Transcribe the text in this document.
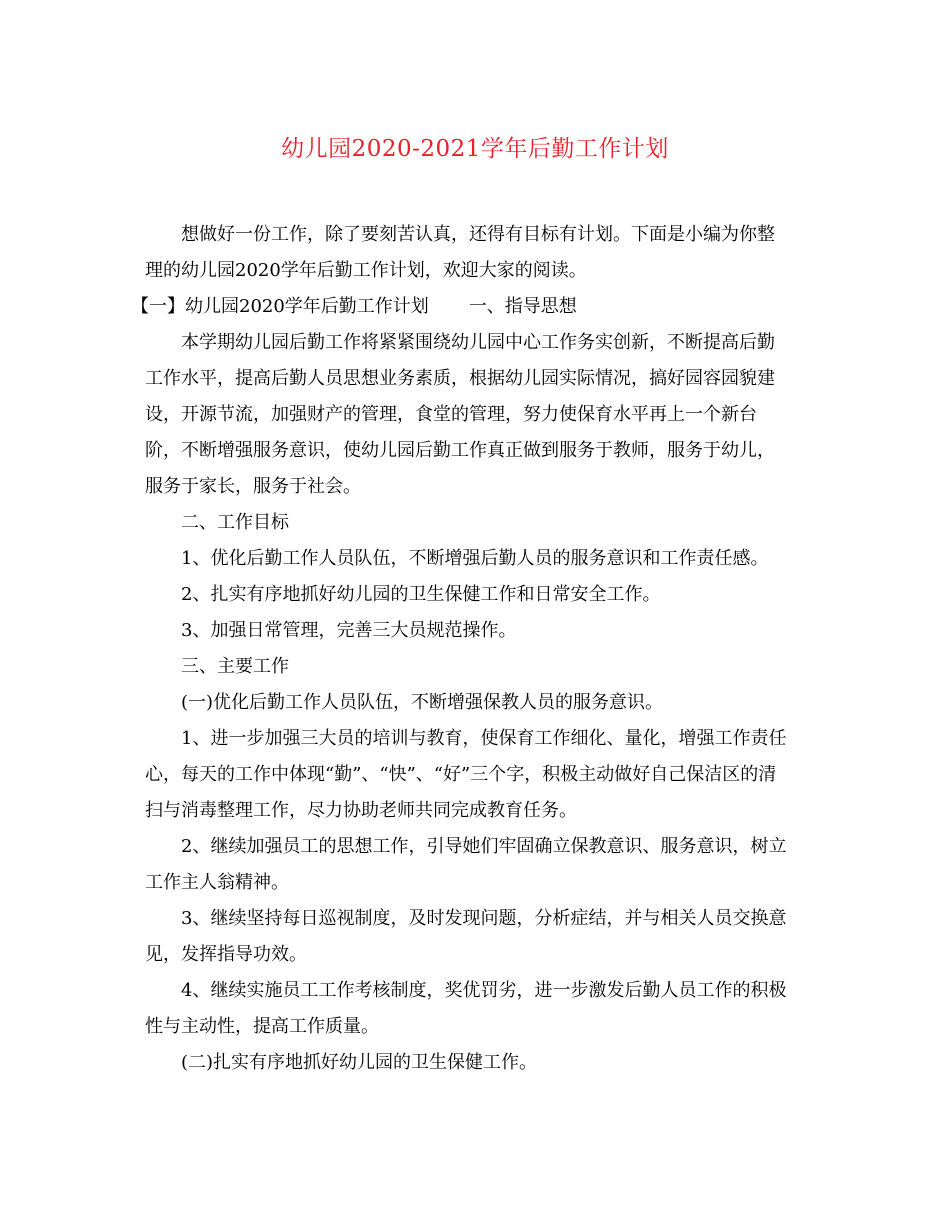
幼儿园2020-2021学年后勤工作计划
想做好一份工作，除了要刻苦认真，还得有目标有计划。下面是小编为你整
理的幼儿园2020学年后勤工作计划，欢迎大家的阅读。
【一】幼儿园2020学年后勤工作计划 一、指导思想
本学期幼儿园后勤工作将紧紧围绕幼儿园中心工作务实创新，不断提高后勤
工作水平，提高后勤人员思想业务素质，根据幼儿园实际情况，搞好园容园貌建
设，开源节流，加强财产的管理，食堂的管理，努力使保育水平再上一个新台
阶，不断增强服务意识，使幼儿园后勤工作真正做到服务于教师，服务于幼儿，
服务于家长，服务于社会。
二、工作目标
1、优化后勤工作人员队伍，不断增强后勤人员的服务意识和工作责任感。
2、扎实有序地抓好幼儿园的卫生保健工作和日常安全工作。
3、加强日常管理，完善三大员规范操作。
三、主要工作
(一)优化后勤工作人员队伍，不断增强保教人员的服务意识。
1、进一步加强三大员的培训与教育，使保育工作细化、量化，增强工作责任
心，每天的工作中体现“勤”、“快”、“好”三个字，积极主动做好自己保洁区的清
扫与消毒整理工作，尽力协助老师共同完成教育任务。
2、继续加强员工的思想工作，引导她们牢固确立保教意识、服务意识，树立
工作主人翁精神。
3、继续坚持每日巡视制度，及时发现问题，分析症结，并与相关人员交换意
见，发挥指导功效。
4、继续实施员工工作考核制度，奖优罚劣，进一步激发后勤人员工作的积极
性与主动性，提高工作质量。
(二)扎实有序地抓好幼儿园的卫生保健工作。
